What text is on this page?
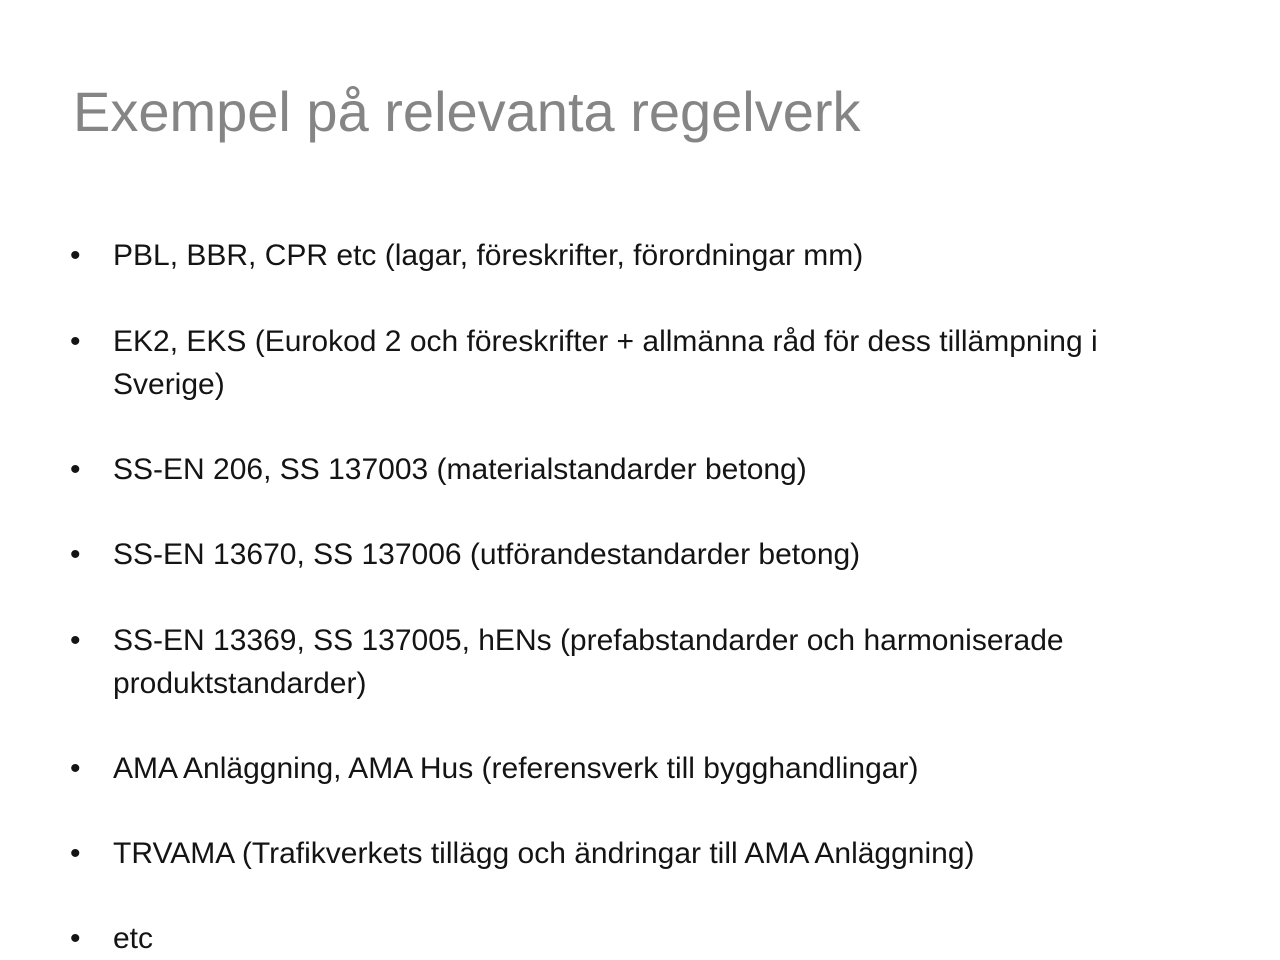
Exempel på relevanta regelverk
• PBL, BBR, CPR etc (lagar, föreskrifter, förordningar mm)
• EK2, EKS (Eurokod 2 och föreskrifter + allmänna råd för dess tillämpning i Sverige)
• SS-EN 206, SS 137003 (materialstandarder betong)
• SS-EN 13670, SS 137006 (utförandestandarder betong)
• SS-EN 13369, SS 137005, hENs (prefabstandarder och harmoniserade produktstandarder)
• AMA Anläggning, AMA Hus (referensverk till bygghandlingar)
• TRVAMA (Trafikverkets tillägg och ändringar till AMA Anläggning)
• etc
